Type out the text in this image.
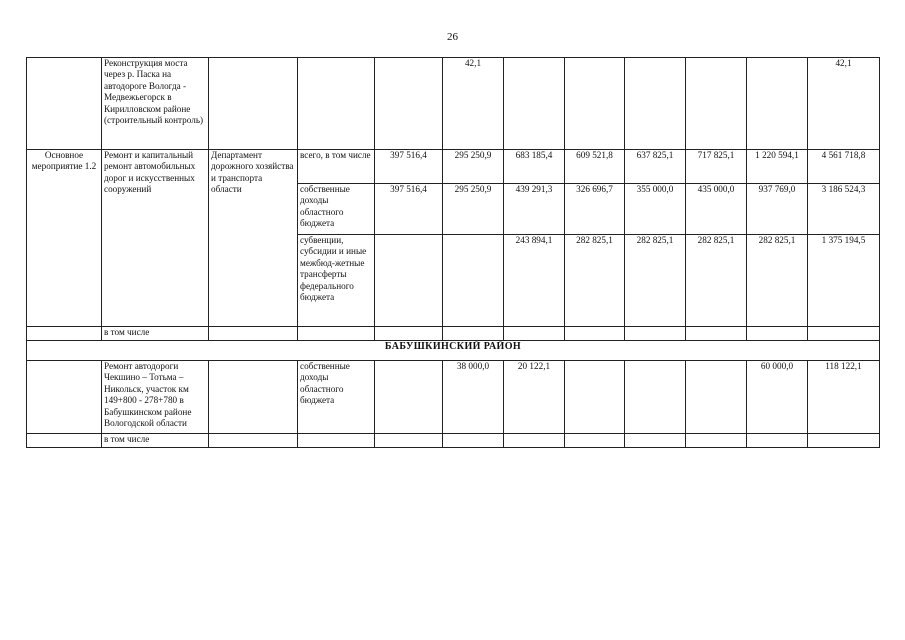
26
	Реконструкция моста через р. Паска на автодороге Вологда - Медвежьегорск в Кирилловском районе (строительный контроль)				42,1						42,1
Основное мероприятие 1.2	Ремонт и капитальный ремонт автомобильных дорог и искусственных сооружений	Департамент дорожного хозяйства и транспорта области	всего, в том числе	397 516,4	295 250,9	683 185,4	609 521,8	637 825,1	717 825,1	1 220 594,1	4 561 718,8
			собственные доходы областного бюджета	397 516,4	295 250,9	439 291,3	326 696,7	355 000,0	435 000,0	937 769,0	3 186 524,3
			субвенции, субсидии и иные межбюд-жетные трансферты федерального бюджета			243 894,1	282 825,1	282 825,1	282 825,1	282 825,1	1 375 194,5
	в том числе										
БАБУШКИНСКИЙ РАЙОН											
	Ремонт автодороги Чекшино – Тотьма – Никольск, участок км 149+800 - 278+780 в Бабушкинском районе Вологодской области		собственные доходы областного бюджета		38 000,0	20 122,1				60 000,0	118 122,1
	в том числе										
